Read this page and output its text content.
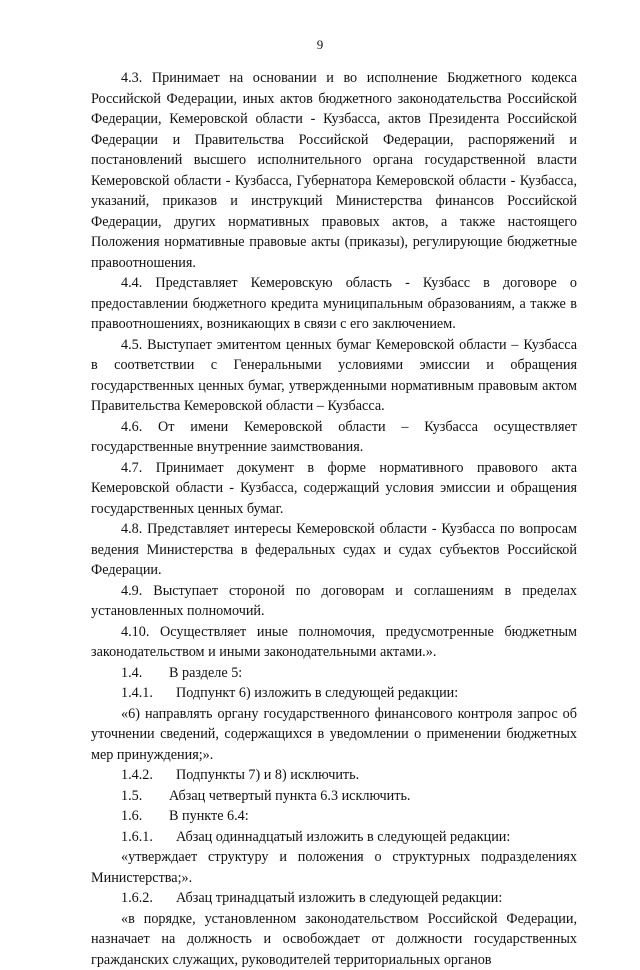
9

4.3. Принимает на основании и во исполнение Бюджетного кодекса Российской Федерации, иных актов бюджетного законодательства Российской Федерации, Кемеровской области - Кузбасса, актов Президента Российской Федерации и Правительства Российской Федерации, распоряжений и постановлений высшего исполнительного органа государственной власти Кемеровской области - Кузбасса, Губернатора Кемеровской области - Кузбасса, указаний, приказов и инструкций Министерства финансов Российской Федерации, других нормативных правовых актов, а также настоящего Положения нормативные правовые акты (приказы), регулирующие бюджетные правоотношения.

4.4. Представляет Кемеровскую область - Кузбасс в договоре о предоставлении бюджетного кредита муниципальным образованиям, а также в правоотношениях, возникающих в связи с его заключением.

4.5. Выступает эмитентом ценных бумаг Кемеровской области – Кузбасса в соответствии с Генеральными условиями эмиссии и обращения государственных ценных бумаг, утвержденными нормативным правовым актом Правительства Кемеровской области – Кузбасса.

4.6. От имени Кемеровской области – Кузбасса осуществляет государственные внутренние заимствования.

4.7. Принимает документ в форме нормативного правового акта Кемеровской области - Кузбасса, содержащий условия эмиссии и обращения государственных ценных бумаг.

4.8. Представляет интересы Кемеровской области - Кузбасса по вопросам ведения Министерства в федеральных судах и судах субъектов Российской Федерации.

4.9. Выступает стороной по договорам и соглашениям в пределах установленных полномочий.

4.10. Осуществляет иные полномочия, предусмотренные бюджетным законодательством и иными законодательными актами.».

1.4.	В разделе 5:
1.4.1.	Подпункт 6) изложить в следующей редакции:

«6) направлять органу государственного финансового контроля запрос об уточнении сведений, содержащихся в уведомлении о применении бюджетных мер принуждения;».

1.4.2.	Подпункты 7) и 8) исключить.
1.5.	Абзац четвертый пункта 6.3 исключить.
1.6.	В пункте 6.4:
1.6.1.	Абзац одиннадцатый изложить в следующей редакции:

«утверждает структуру и положения о структурных подразделениях Министерства;».

1.6.2.	Абзац тринадцатый изложить в следующей редакции:

«в порядке, установленном законодательством Российской Федерации, назначает на должность и освобождает от должности государственных гражданских служащих, руководителей территориальных органов
